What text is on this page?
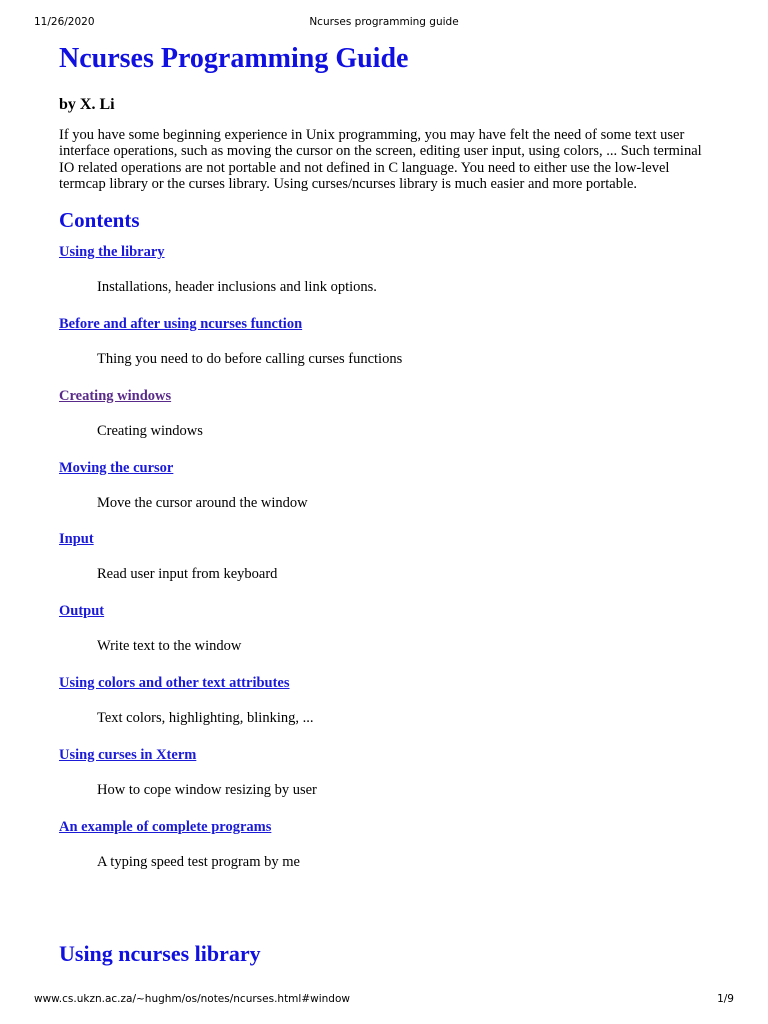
11/26/2020	Ncurses programming guide
Ncurses Programming Guide
by X. Li

If you have some beginning experience in Unix programming, you may have felt the need of some text user interface operations, such as moving the cursor on the screen, editing user input, using colors, ... Such terminal IO related operations are not portable and not defined in C language. You need to either use the low-level termcap library or the curses library. Using curses/ncurses library is much easier and more portable.

Contents
Using the library
Installations, header inclusions and link options.
Before and after using ncurses function
Thing you need to do before calling curses functions
Creating windows
Creating windows
Moving the cursor
Move the cursor around the window
Input
Read user input from keyboard
Output
Write text to the window
Using colors and other text attributes
Text colors, highlighting, blinking, ...
Using curses in Xterm
How to cope window resizing by user
An example of complete programs
A typing speed test program by me
Using ncurses library
www.cs.ukzn.ac.za/~hughm/os/notes/ncurses.html#window	1/9
